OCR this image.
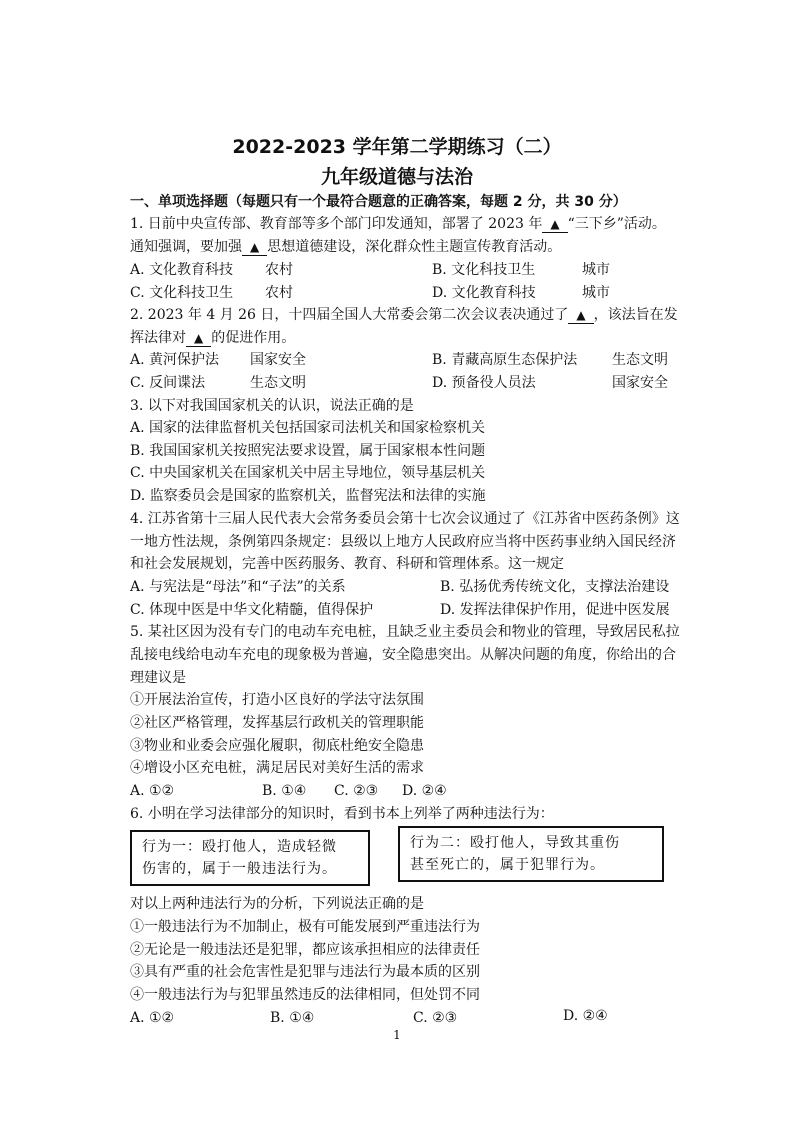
2022-2023 学年第二学期练习（二）
九年级道德与法治
一、单项选择题（每题只有一个最符合题意的正确答案，每题 2 分，共 30 分）
1. 日前中央宣传部、教育部等多个部门印发通知，部署了 2023 年 ▲ “三下乡”活动。
通知强调，要加强 ▲ 思想道德建设，深化群众性主题宣传教育活动。
A. 文化教育科技 农村	B. 文化科技卫生	城市
C. 文化科技卫生 农村	D. 文化教育科技	城市
2. 2023 年 4 月 26 日，十四届全国人大常委会第二次会议表决通过了 ▲ ，该法旨在发
挥法律对 ▲ 的促进作用。
A. 黄河保护法 国家安全	B. 青藏高原生态保护法 生态文明
C. 反间谍法	生态文明	D. 预备役人员法	国家安全
3. 以下对我国国家机关的认识，说法正确的是
A. 国家的法律监督机关包括国家司法机关和国家检察机关
B. 我国国家机关按照宪法要求设置，属于国家根本性问题
C. 中央国家机关在国家机关中居主导地位，领导基层机关
D. 监察委员会是国家的监察机关，监督宪法和法律的实施
4. 江苏省第十三届人民代表大会常务委员会第十七次会议通过了《江苏省中医药条例》这
一地方性法规，条例第四条规定：县级以上地方人民政府应当将中医药事业纳入国民经济
和社会发展规划，完善中医药服务、教育、科研和管理体系。这一规定
A. 与宪法是“母法”和“子法”的关系	B. 弘扬优秀传统文化，支撑法治建设
C. 体现中医是中华文化精髓，值得保护	D. 发挥法律保护作用，促进中医发展
5. 某社区因为没有专门的电动车充电桩，且缺乏业主委员会和物业的管理，导致居民私拉
乱接电线给电动车充电的现象极为普遍，安全隐患突出。从解决问题的角度，你给出的合
理建议是
①开展法治宣传，打造小区良好的学法守法氛围
②社区严格管理，发挥基层行政机关的管理职能
③物业和业委会应强化履职，彻底杜绝安全隐患
④增设小区充电桩，满足居民对美好生活的需求
A. ①②	B. ①④ C. ②③ D. ②④
6. 小明在学习法律部分的知识时，看到书本上列举了两种违法行为：
行为一：殴打他人，造成轻微
伤害的，属于一般违法行为。
行为二：殴打他人，导致其重伤
甚至死亡的，属于犯罪行为。
对以上两种违法行为的分析，下列说法正确的是
①一般违法行为不加制止，极有可能发展到严重违法行为
②无论是一般违法还是犯罪，都应该承担相应的法律责任
③具有严重的社会危害性是犯罪与违法行为最本质的区别
④一般违法行为与犯罪虽然违反的法律相同，但处罚不同
A. ①②	B. ①④	C. ②③	D. ②④
1
